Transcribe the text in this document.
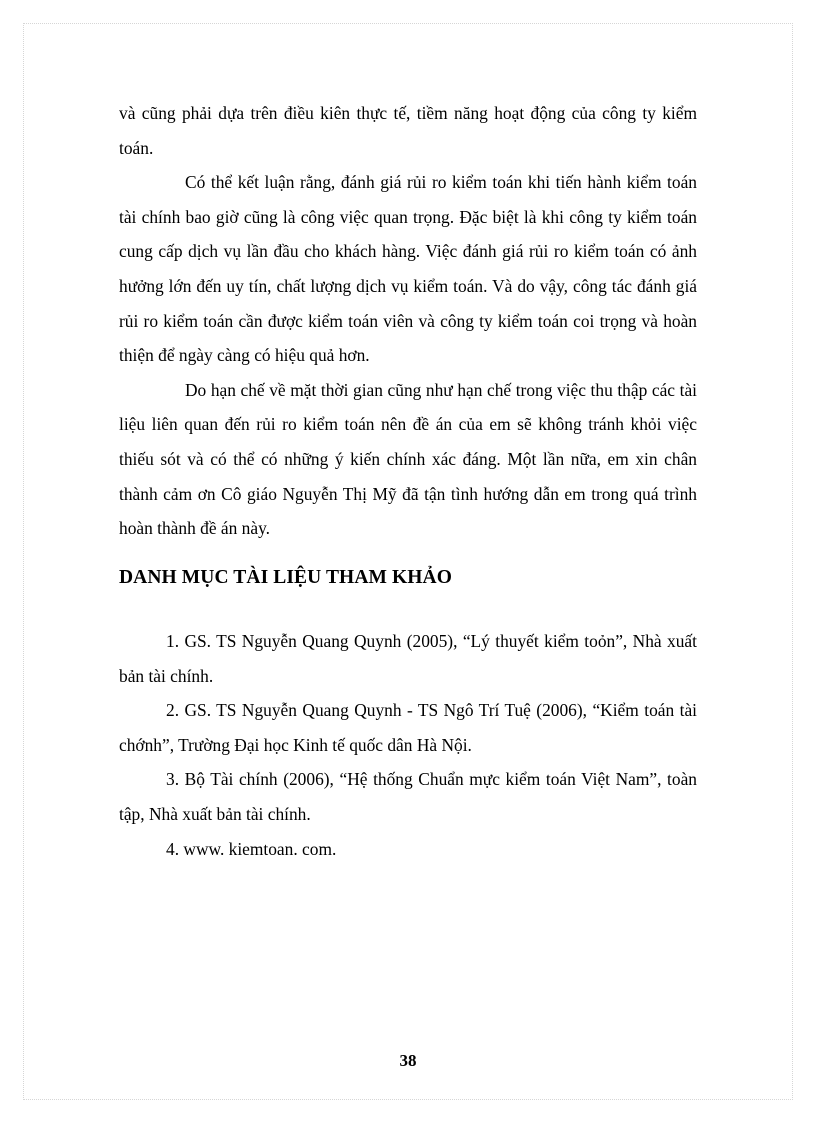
và cũng phải dựa trên điều kiên thực tế, tiềm năng hoạt động của công ty kiểm toán.

Có thể kết luận rằng, đánh giá rủi ro kiểm toán khi tiến hành kiểm toán tài chính bao giờ cũng là công việc quan trọng. Đặc biệt là khi công ty kiểm toán cung cấp dịch vụ lần đầu cho khách hàng. Việc đánh giá rủi ro kiểm toán có ảnh hưởng lớn đến uy tín, chất lượng dịch vụ kiểm toán. Và do vậy, công tác đánh giá rủi ro kiểm toán cần được kiểm toán viên và công ty kiểm toán coi trọng và hoàn thiện để ngày càng có hiệu quả hơn.

Do hạn chế về mặt thời gian cũng như hạn chế trong việc thu thập các tài liệu liên quan đến rủi ro kiểm toán nên đề án của em sẽ không tránh khỏi việc thiếu sót và có thể có những ý kiến chính xác đáng. Một lần nữa, em xin chân thành cảm ơn Cô giáo Nguyễn Thị Mỹ đã tận tình hướng dẫn em trong quá trình hoàn thành đề án này.

DANH MỤC TÀI LIỆU THAM KHẢO

1. GS. TS Nguyễn Quang Quynh (2005), “Lý thuyết kiểm toỏn”, Nhà xuất bản tài chính.

2. GS. TS Nguyễn Quang Quynh - TS Ngô Trí Tuệ (2006), “Kiểm toán tài chớnh”, Trường Đại học Kinh tế quốc dân Hà Nội.

3. Bộ Tài chính (2006), “Hệ thống Chuẩn mực kiểm toán Việt Nam”, toàn tập, Nhà xuất bản tài chính.

4. www. kiemtoan. com.

38
